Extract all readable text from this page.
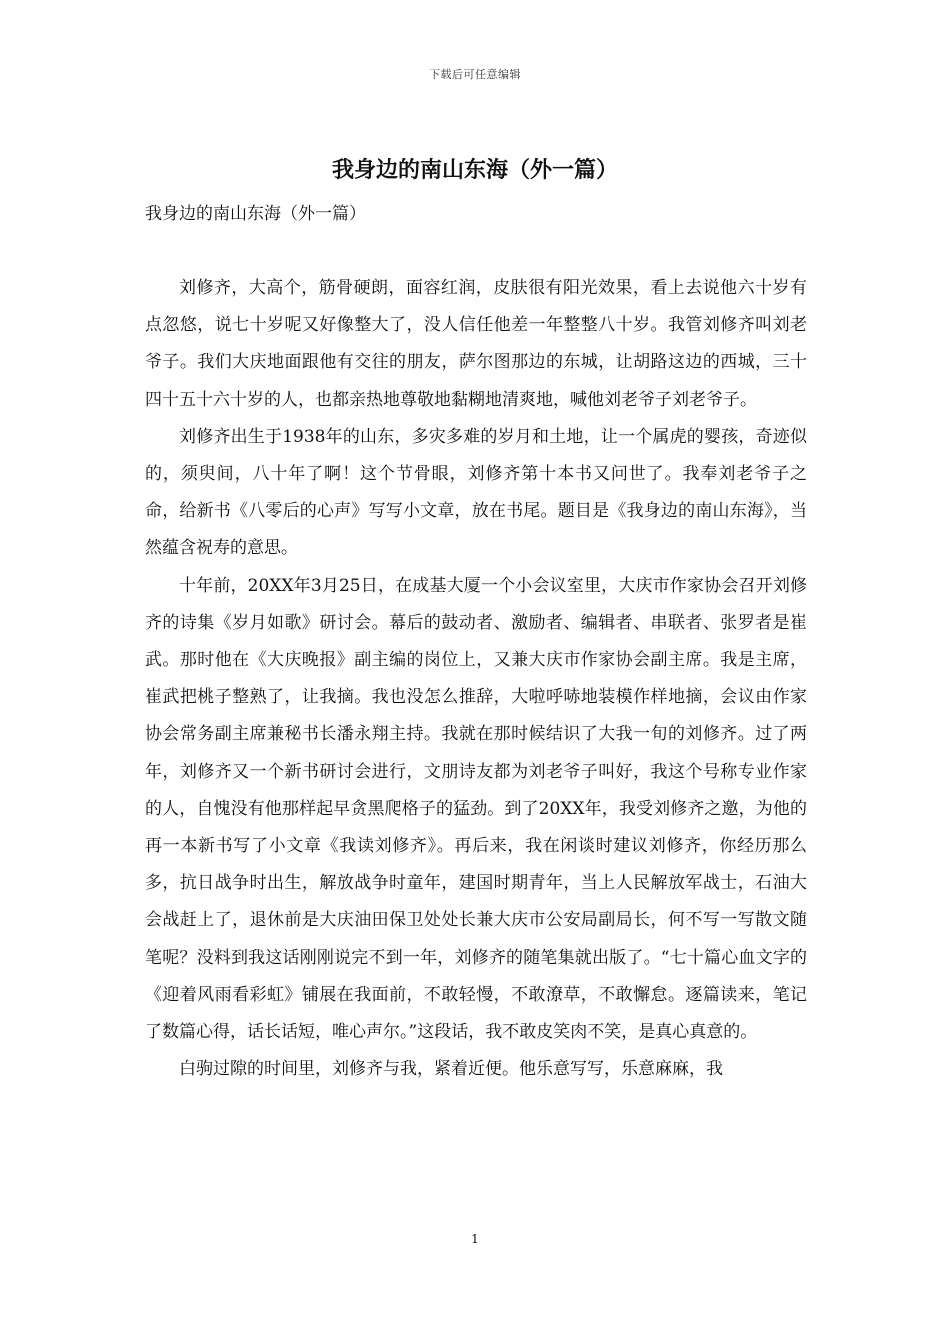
下载后可任意编辑
我身边的南山东海（外一篇）
我身边的南山东海（外一篇）

刘修齐，大高个，筋骨硬朗，面容红润，皮肤很有阳光效果，看上去说他六十岁有点忽悠，说七十岁呢又好像整大了，没人信任他差一年整整八十岁。我管刘修齐叫刘老爷子。我们大庆地面跟他有交往的朋友，萨尔图那边的东城，让胡路这边的西城，三十四十五十六十岁的人，也都亲热地尊敬地黏糊地清爽地，喊他刘老爷子刘老爷子。

刘修齐出生于1938年的山东，多灾多难的岁月和土地，让一个属虎的婴孩，奇迹似的，须臾间，八十年了啊！这个节骨眼，刘修齐第十本书又问世了。我奉刘老爷子之命，给新书《八零后的心声》写写小文章，放在书尾。题目是《我身边的南山东海》，当然蕴含祝寿的意思。

十年前，20XX年3月25日，在成基大厦一个小会议室里，大庆市作家协会召开刘修齐的诗集《岁月如歌》研讨会。幕后的鼓动者、激励者、编辑者、串联者、张罗者是崔武。那时他在《大庆晚报》副主编的岗位上，又兼大庆市作家协会副主席。我是主席，崔武把桃子整熟了，让我摘。我也没怎么推辞，大啦呼哧地装模作样地摘，会议由作家协会常务副主席兼秘书长潘永翔主持。我就在那时候结识了大我一旬的刘修齐。过了两年，刘修齐又一个新书研讨会进行，文朋诗友都为刘老爷子叫好，我这个号称专业作家的人，自愧没有他那样起早贪黑爬格子的猛劲。到了20XX年，我受刘修齐之邀，为他的再一本新书写了小文章《我读刘修齐》。再后来，我在闲谈时建议刘修齐，你经历那么多，抗日战争时出生，解放战争时童年，建国时期青年，当上人民解放军战士，石油大会战赶上了，退休前是大庆油田保卫处处长兼大庆市公安局副局长，何不写一写散文随笔呢？没料到我这话刚刚说完不到一年，刘修齐的随笔集就出版了。“七十篇心血文字的《迎着风雨看彩虹》铺展在我面前，不敢轻慢，不敢潦草，不敢懈怠。逐篇读来，笔记了数篇心得，话长话短，唯心声尔。”这段话，我不敢皮笑肉不笑，是真心真意的。

白驹过隙的时间里，刘修齐与我，紧着近便。他乐意写写，乐意麻麻，我

1
